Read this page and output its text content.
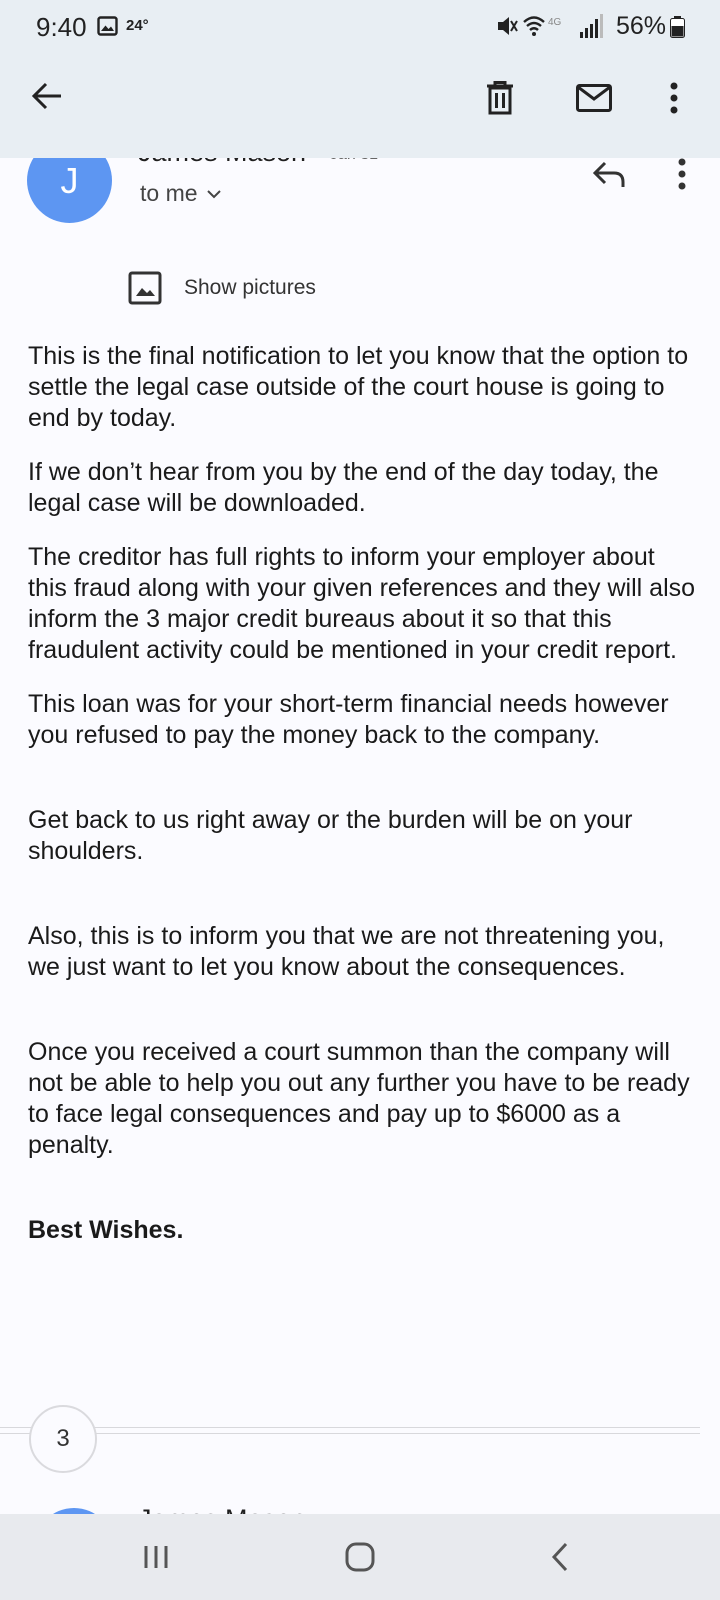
9:40	24°	4G 56%
J	to me
Show pictures

This is the final notification to let you know that the option to settle the legal case outside of the court house is going to end by today.

If we don’t hear from you by the end of the day today, the legal case will be downloaded.

The creditor has full rights to inform your employer about this fraud along with your given references and they will also inform the 3 major credit bureaus about it so that this fraudulent activity could be mentioned in your credit report.

This loan was for your short-term financial needs however you refused to pay the money back to the company.

Get back to us right away or the burden will be on your shoulders.

Also, this is to inform you that we are not threatening you, we just want to let you know about the consequences.

Once you received a court summon than the company will not be able to help you out any further you have to be ready to face legal consequences and pay up to $6000 as a penalty.

Best Wishes.

3
